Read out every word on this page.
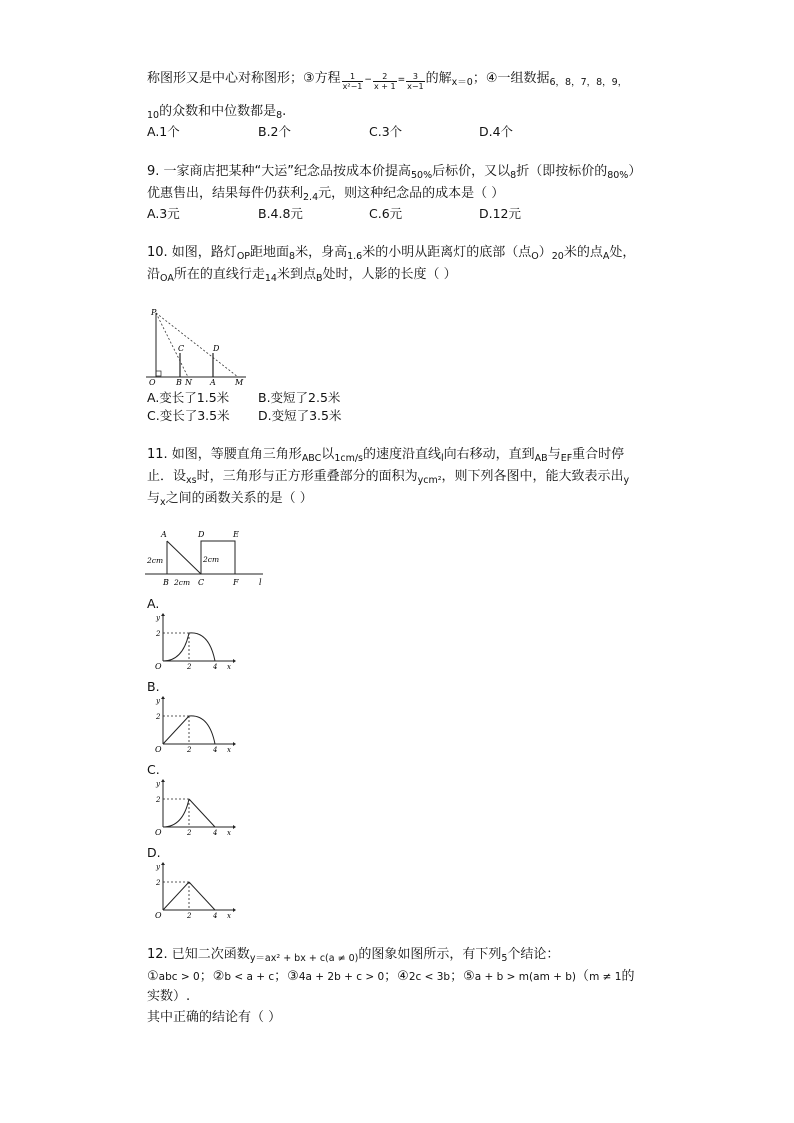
称图形又是中心对称图形；③方程 $\frac{1}{\text{x²−1}} - \frac{2}{x + 1} = \frac{3}{x-1}$ 的解$_{x=0}$；④一组数据$_{6,8,7,8,9,}$
$_{10}$的众数和中位数都是$_8$.
A.1个	B.2个	C.3个	D.4个
9. 一家商店把某种“大运”纪念品按成本价提高$_{50\%}$后标价，又以$_8$折（即按标价的$_{80\%}$）
优惠售出，结果每件仍获利$_{2.4}$元，则这种纪念品的成本是（ ）
A.3元	B.4.8元	C.6元	D.12元
10. 如图，路灯$_{OP}$距地面$_8$米，身高$_{1.6}$米的小明从距离灯的底部（点$_O)_{20}$米的点$_A$处，
沿$_{OA}$所在的直线行走$_{14}$米到点$_B$处时，人影的长度（ ）
P
C	D
O	B N A M
A.变长了1.5米 B.变短了2.5米
C.变长了3.5米 D.变短了3.5米
11. 如图，等腰直角三角形$_{ABC}$以$_{1cm/s}$的速度沿直线$_l$向右移动，直到$_{AB}$与$_{EF}$重合时停
止．设$_{xs}$时，三角形与正方形重叠部分的面积为$_{ycm^2}$，则下列各图中，能大致表示出$_y$
与$_x$之间的函数关系的是（ ）
A	D	E
B	C	F	l
2cm
2cm
2cm
A.
y
2
O	2	4 x
B.
y
2
O	2	4 x
C.
y
2
O	2	4 x
D.
y
2
O	2	4 x
12. 已知二次函数$_{y=ax^2 + bx + c(a \ne 0)}$的图象如图所示，有下列$_5$个结论：
①abc > 0；②b < a + c；③4a + 2b + c > 0；④2c < 3b；⑤a + b > m(am + b)（m ≠ 1的
实数）.
其中正确的结论有（ ）
